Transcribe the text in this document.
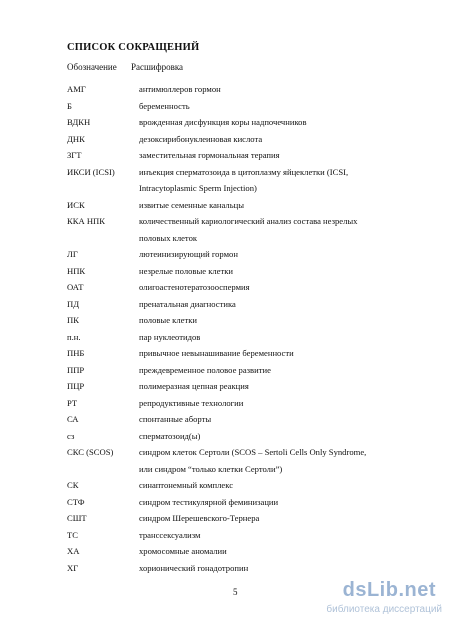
СПИСОК СОКРАЩЕНИЙ
Обозначение Расшифровка
АМГ	антимюллеров гормон
Б	беременность
ВДКН	врожденная дисфункция коры надпочечников
ДНК	дезоксирибонуклеиновая кислота
ЗГТ	заместительная гормональная терапия
ИКСИ (ICSI)	инъекция сперматозоида в цитоплазму яйцеклетки (ICSI,
Intracytoplasmic Sperm Injection)
ИСК	извитые семенные канальцы
ККА НПК	количественный кариологический анализ состава незрелых
половых клеток
ЛГ	лютеинизирующий гормон
НПК	незрелые половые клетки
ОАТ	олигоастенотератозооспермия
ПД	пренатальная диагностика
ПК	половые клетки
п.н.	пар нуклеотидов
ПНБ	привычное невынашивание беременности
ППР	преждевременное половое развитие
ПЦР	полимеразная цепная реакция
РТ	репродуктивные технологии
СА	спонтанные аборты
сз	сперматозоид(ы)
СКС (SCOS)	синдром клеток Сертоли (SCOS – Sertoli Cells Only Syndrome,
или синдром “только клетки Сертоли”)
СК	синаптонемный комплекс
СТФ	синдром тестикулярной феминизации
СШТ	синдром Шерешевского-Тернера
ТС	транссексуализм
ХА	хромосомные аномалии
ХГ	хорионический гонадотропин
5	dsLib.net
библиотека диссертаций
